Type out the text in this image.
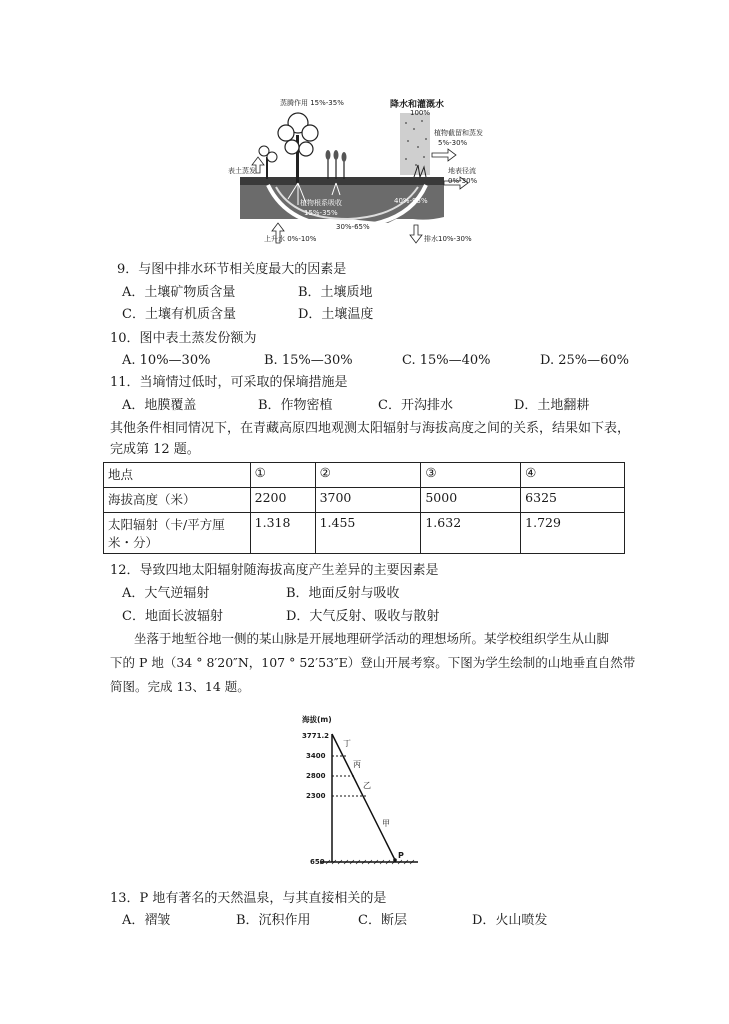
蒸腾作用 15%-35%	降水和灌溉水
100%
植物截留和蒸发
5%-30%
表土蒸发	地表径流
0%-30%
植物根系吸收
15%-35%
40%-95%
30%-65%
上升水 0%-10%	排水10%-30%
9．与图中排水环节相关度最大的因素是
A．土壤矿物质含量	B．土壤质地
C．土壤有机质含量	D．土壤温度
10．图中表土蒸发份额为
A. 10%—30%	B. 15%—30%	C. 15%—40%	D. 25%—60%
11．当墒情过低时，可采取的保墒措施是
A．地膜覆盖	B．作物密植	C．开沟排水	D．土地翻耕
其他条件相同情况下，在青藏高原四地观测太阳辐射与海拔高度之间的关系，结果如下表，
完成第 12 题。
地点	①	②	③	④
海拔高度（米）	2200	3700	5000	6325

太阳辐射（卡/平方厘
米・分）	1.318	1.455	1.632	1.729
12．导致四地太阳辐射随海拔高度产生差异的主要因素是
A．大气逆辐射	B．地面反射与吸收
C．地面长波辐射	D．大气反射、吸收与散射
坐落于地堑谷地一侧的某山脉是开展地理研学活动的理想场所。某学校组织学生从山脚
下的 P 地（34 ° 8′20″N，107 ° 52′53″E）登山开展考察。下图为学生绘制的山地垂直自然带
简图。完成 13、14 题。
海拔(m)
3771.2
3400
2800
2300
650
丁
丙
乙
甲
P
13．P 地有著名的天然温泉，与其直接相关的是
A．褶皱	B．沉积作用	C．断层	D．火山喷发
